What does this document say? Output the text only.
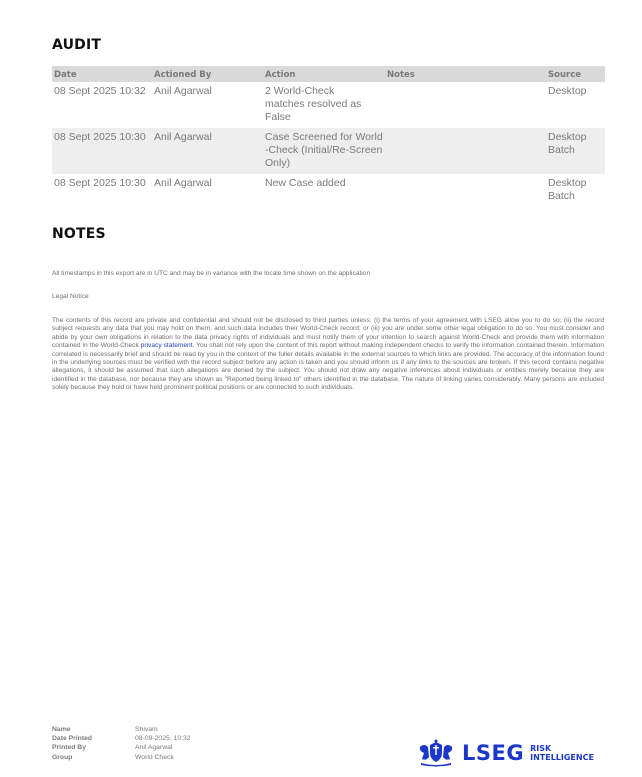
AUDIT
Date	Actioned By	Action	Notes	Source
08 Sept 2025 10:32	Anil Agarwal	2 World-Check matches resolved as False		Desktop
08 Sept 2025 10:30	Anil Agarwal	Case Screened for World-Check (Initial/Re-Screen Only)		Desktop Batch
08 Sept 2025 10:30	Anil Agarwal	New Case added		Desktop Batch
NOTES
All timestamps in this export are in UTC and may be in variance with the locale time shown on the application
Legal Notice
The contents of this record are private and confidential and should not be disclosed to third parties unless: (i) the terms of your agreement with LSEG allow you to do so; (ii) the record subject requests any data that you may hold on them, and such data includes their World-Check record; or (iii) you are under some other legal obligation to do so. You must consider and abide by your own obligations in relation to the data privacy rights of individuals and must notify them of your intention to search against World-Check and provide them with information contained in the World-Check privacy statement. You shall not rely upon the content of this report without making independent checks to verify the information contained therein. Information correlated is necessarily brief and should be read by you in the context of the fuller details available in the external sources to which links are provided. The accuracy of the information found in the underlying sources must be verified with the record subject before any action is taken and you should inform us if any links to the sources are broken. If this record contains negative allegations, it should be assumed that such allegations are denied by the subject. You should not draw any negative inferences about individuals or entities merely because they are identified in the database, nor because they are shown as "Reported being linked to" others identified in the database. The nature of linking varies considerably. Many persons are included solely because they hold or have held prominent political positions or are connected to such individuals.
Name	Shivam
Date Printed	08-09-2025, 10:32
Printed By	Anil Agarwal
Group	World Check	LSEG RISK
INTELLIGENCE
